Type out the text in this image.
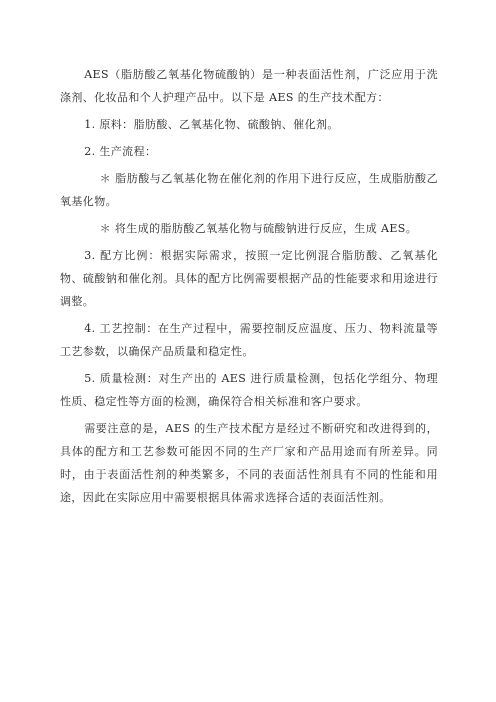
AES（脂肪酸乙氧基化物硫酸钠）是一种表面活性剂，广泛应用于洗涤剂、化妆品和个人护理产品中。以下是 AES 的生产技术配方：

1. 原料：脂肪酸、乙氧基化物、硫酸钠、催化剂。

2. 生产流程：

＊ 脂肪酸与乙氧基化物在催化剂的作用下进行反应，生成脂肪酸乙氧基化物。

＊ 将生成的脂肪酸乙氧基化物与硫酸钠进行反应，生成 AES。

3. 配方比例：根据实际需求，按照一定比例混合脂肪酸、乙氧基化物、硫酸钠和催化剂。具体的配方比例需要根据产品的性能要求和用途进行调整。

4. 工艺控制：在生产过程中，需要控制反应温度、压力、物料流量等工艺参数，以确保产品质量和稳定性。

5. 质量检测：对生产出的 AES 进行质量检测，包括化学组分、物理性质、稳定性等方面的检测，确保符合相关标准和客户要求。

需要注意的是，AES 的生产技术配方是经过不断研究和改进得到的，具体的配方和工艺参数可能因不同的生产厂家和产品用途而有所差异。同时，由于表面活性剂的种类繁多，不同的表面活性剂具有不同的性能和用途，因此在实际应用中需要根据具体需求选择合适的表面活性剂。
